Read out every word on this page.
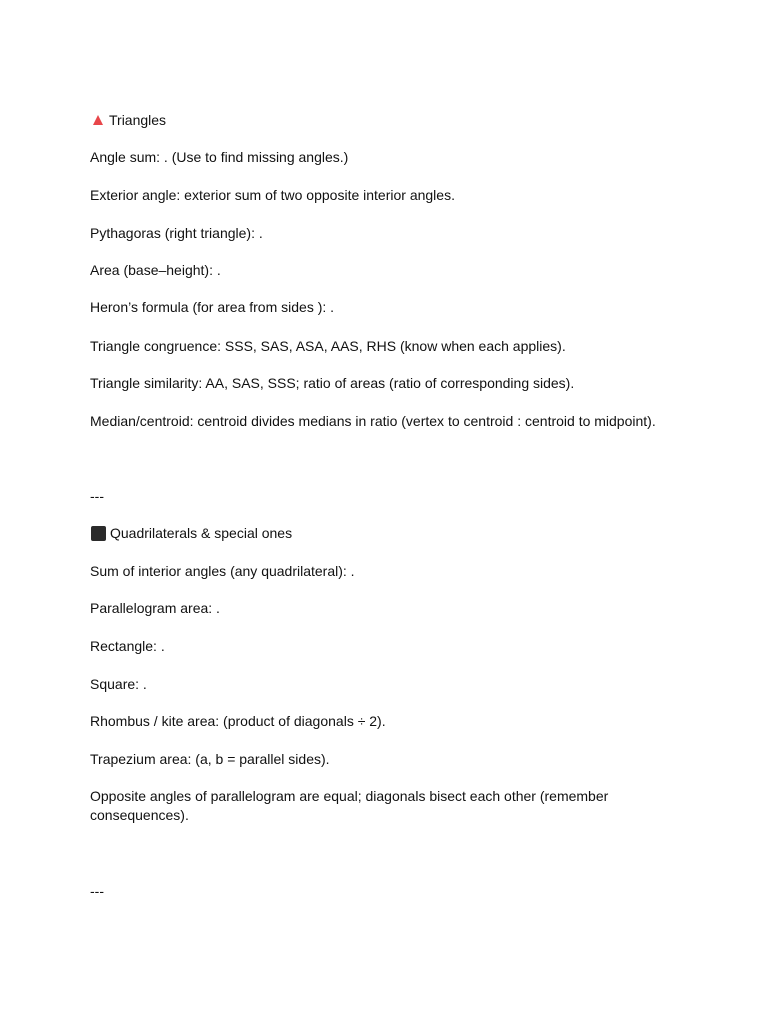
Triangles
Angle sum: . (Use to find missing angles.)
Exterior angle: exterior sum of two opposite interior angles.
Pythagoras (right triangle): .
Area (base–height): .
Heron’s formula (for area from sides ): .
Triangle congruence: SSS, SAS, ASA, AAS, RHS (know when each applies).
Triangle similarity: AA, SAS, SSS; ratio of areas (ratio of corresponding sides).
Median/centroid: centroid divides medians in ratio (vertex to centroid : centroid to midpoint).
---
Quadrilaterals & special ones
Sum of interior angles (any quadrilateral): .
Parallelogram area: .
Rectangle: .
Square: .
Rhombus / kite area: (product of diagonals ÷ 2).
Trapezium area: (a, b = parallel sides).
Opposite angles of parallelogram are equal; diagonals bisect each other (remember consequences).
---
